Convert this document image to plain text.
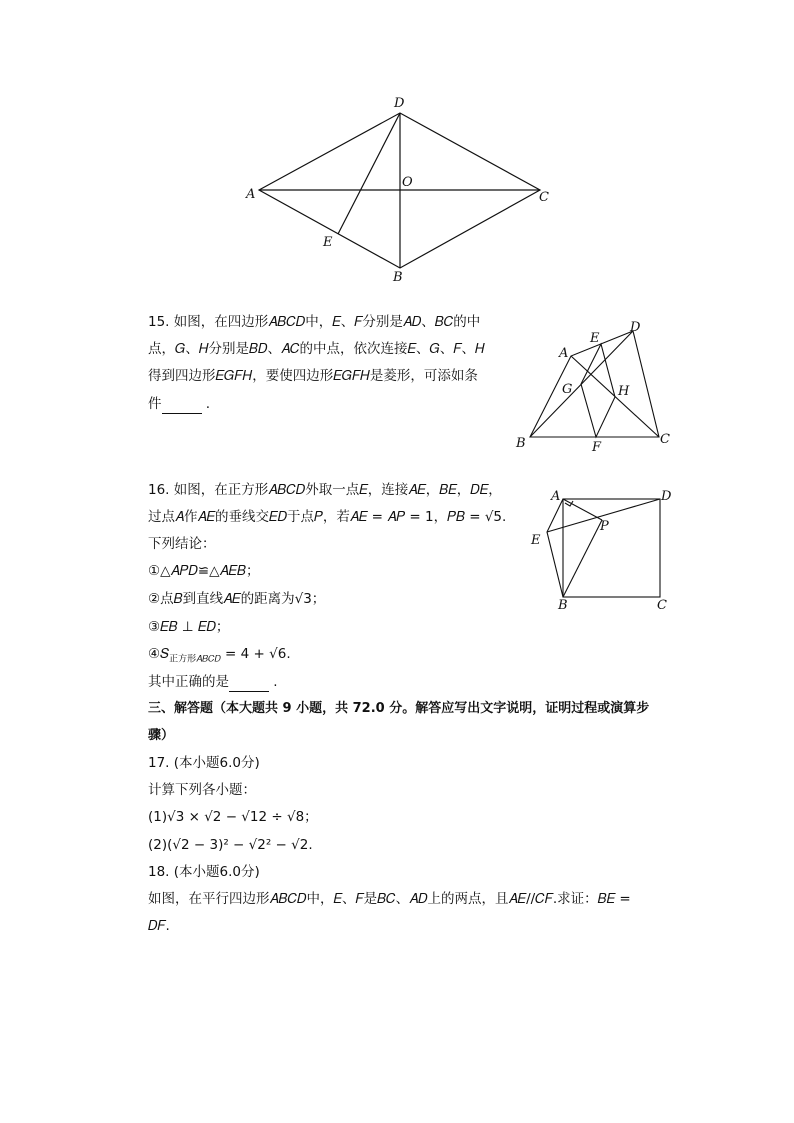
D
A
O
C
E
B
15. 如图，在四边形𝐴𝐵𝐶𝐷中，𝐸、𝐹分别是𝐴𝐷、𝐵𝐶的中
点，𝐺、𝐻分别是𝐵𝐷、𝐴𝐶的中点，依次连接𝐸、𝐺、𝐹、𝐻
得到四边形𝐸𝐺𝐹𝐻，要使四边形𝐸𝐺𝐹𝐻是菱形，可添如条
件	.
A
E
D
G	H
B	F
C
16. 如图，在正方形𝐴𝐵𝐶𝐷外取一点𝐸，连接𝐴𝐸，𝐵𝐸，𝐷𝐸，
过点𝐴作𝐴𝐸的垂线交𝐸𝐷于点𝑃，若𝐴𝐸 = 𝐴𝑃 = 1，𝑃𝐵 = √5.
下列结论：
①△𝐴𝑃𝐷≌△𝐴𝐸𝐵；
②点𝐵到直线𝐴𝐸的距离为√3；
③𝐸𝐵 ⊥ 𝐸𝐷；
④𝑆$_{正方形𝐴𝐵𝐶𝐷}$ = 4 + √6.
其中正确的是	.
A	D
E
P
B	C
三、解答题（本大题共 9 小题，共 72.0 分。解答应写出文字说明，证明过程或演算步
骤）
17. (本小题6.0分)
计算下列各小题：
(1)√3 × √2 − √12 ÷ √8；
(2)(√2 − 3)² − √2² − √2.
18. (本小题6.0分)
如图，在平行四边形𝐴𝐵𝐶𝐷中，𝐸、𝐹是𝐵𝐶、𝐴𝐷上的两点，且𝐴𝐸//𝐶𝐹.求证：𝐵𝐸 =
𝐷𝐹.
